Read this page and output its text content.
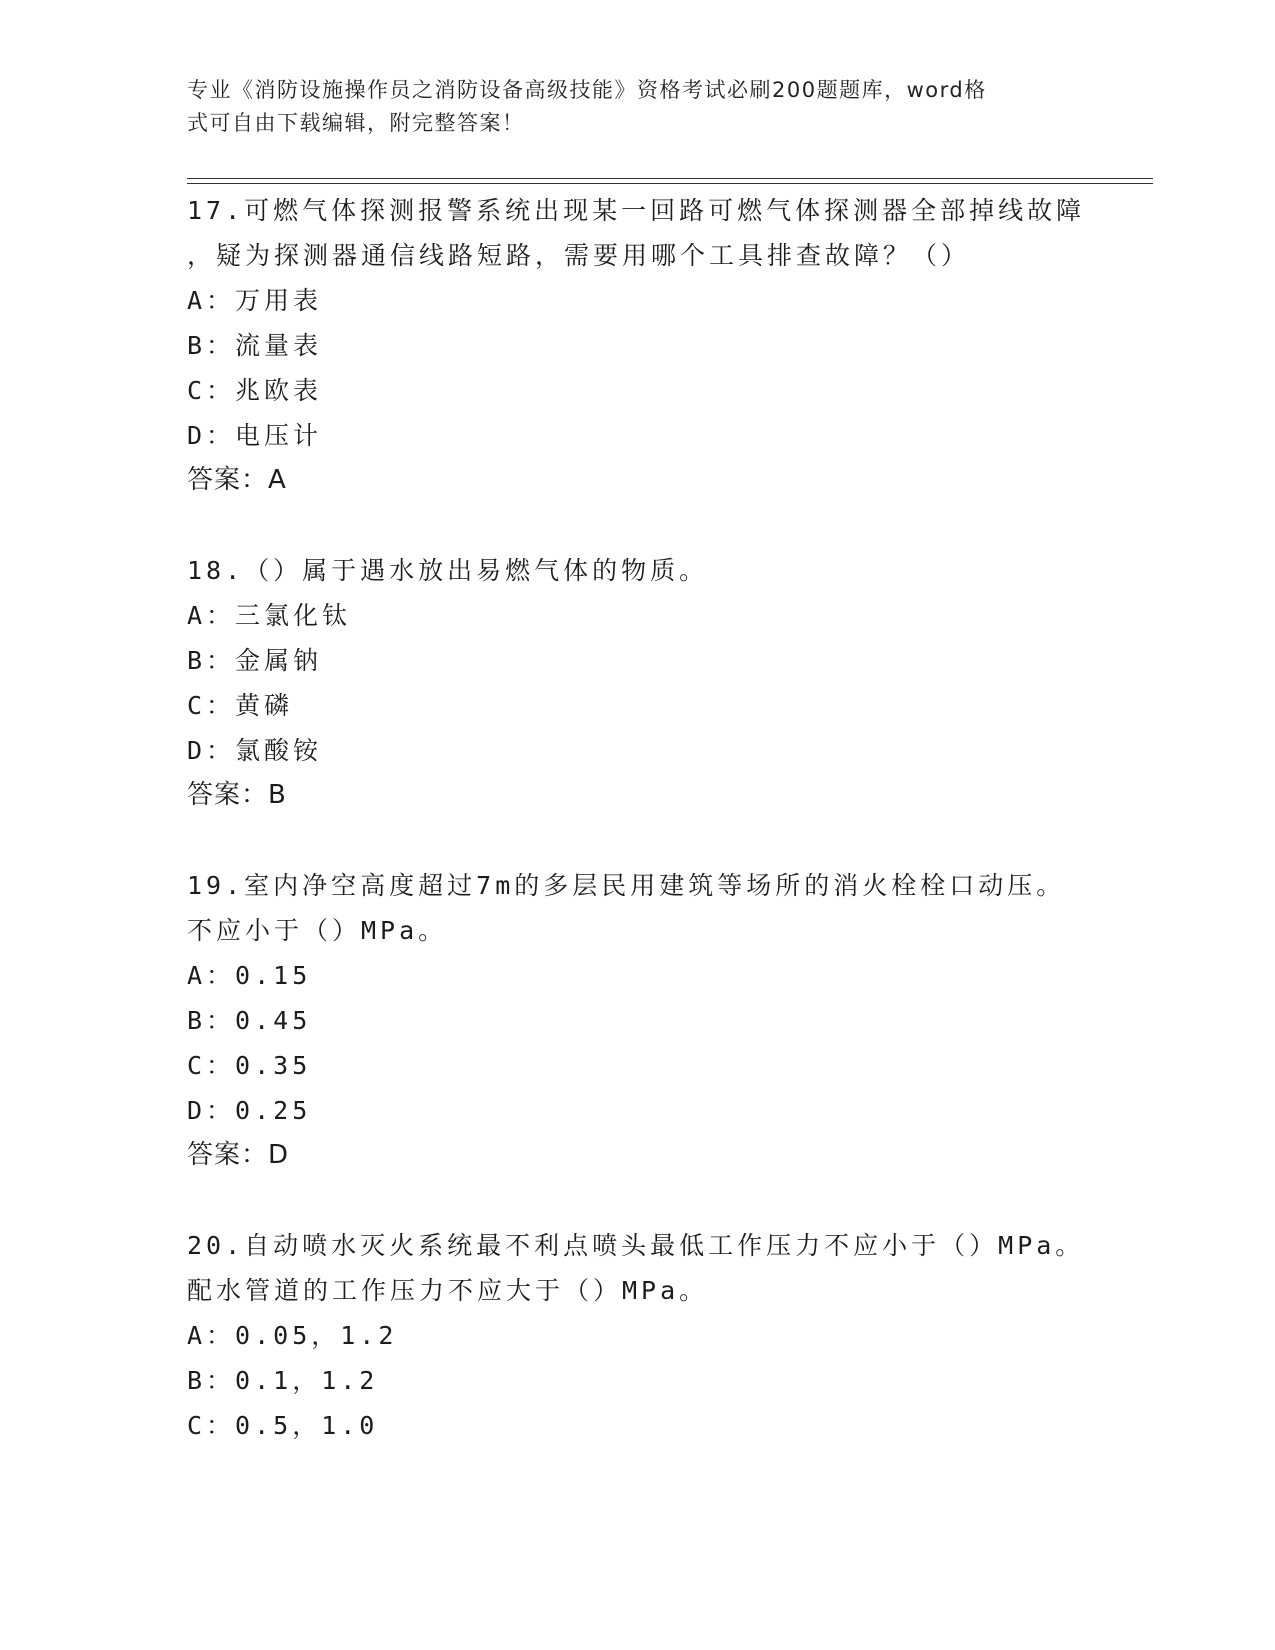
专业《消防设施操作员之消防设备高级技能》资格考试必刷200题题库，word格
式可自由下载编辑，附完整答案！
17.可燃气体探测报警系统出现某一回路可燃气体探测器全部掉线故障
，疑为探测器通信线路短路，需要用哪个工具排查故障？（）
A：万用表
B：流量表
C：兆欧表
D：电压计
答案：A
18.（）属于遇水放出易燃气体的物质。
A：三氯化钛
B：金属钠
C：黄磷
D：氯酸铵
答案：B
19.室内净空高度超过7m的多层民用建筑等场所的消火栓栓口动压。
不应小于（）MPa。
A：0.15
B：0.45
C：0.35
D：0.25
答案：D
20.自动喷水灭火系统最不利点喷头最低工作压力不应小于（）MPa。
配水管道的工作压力不应大于（）MPa。
A：0.05，1.2
B：0.1，1.2
C：0.5，1.0
